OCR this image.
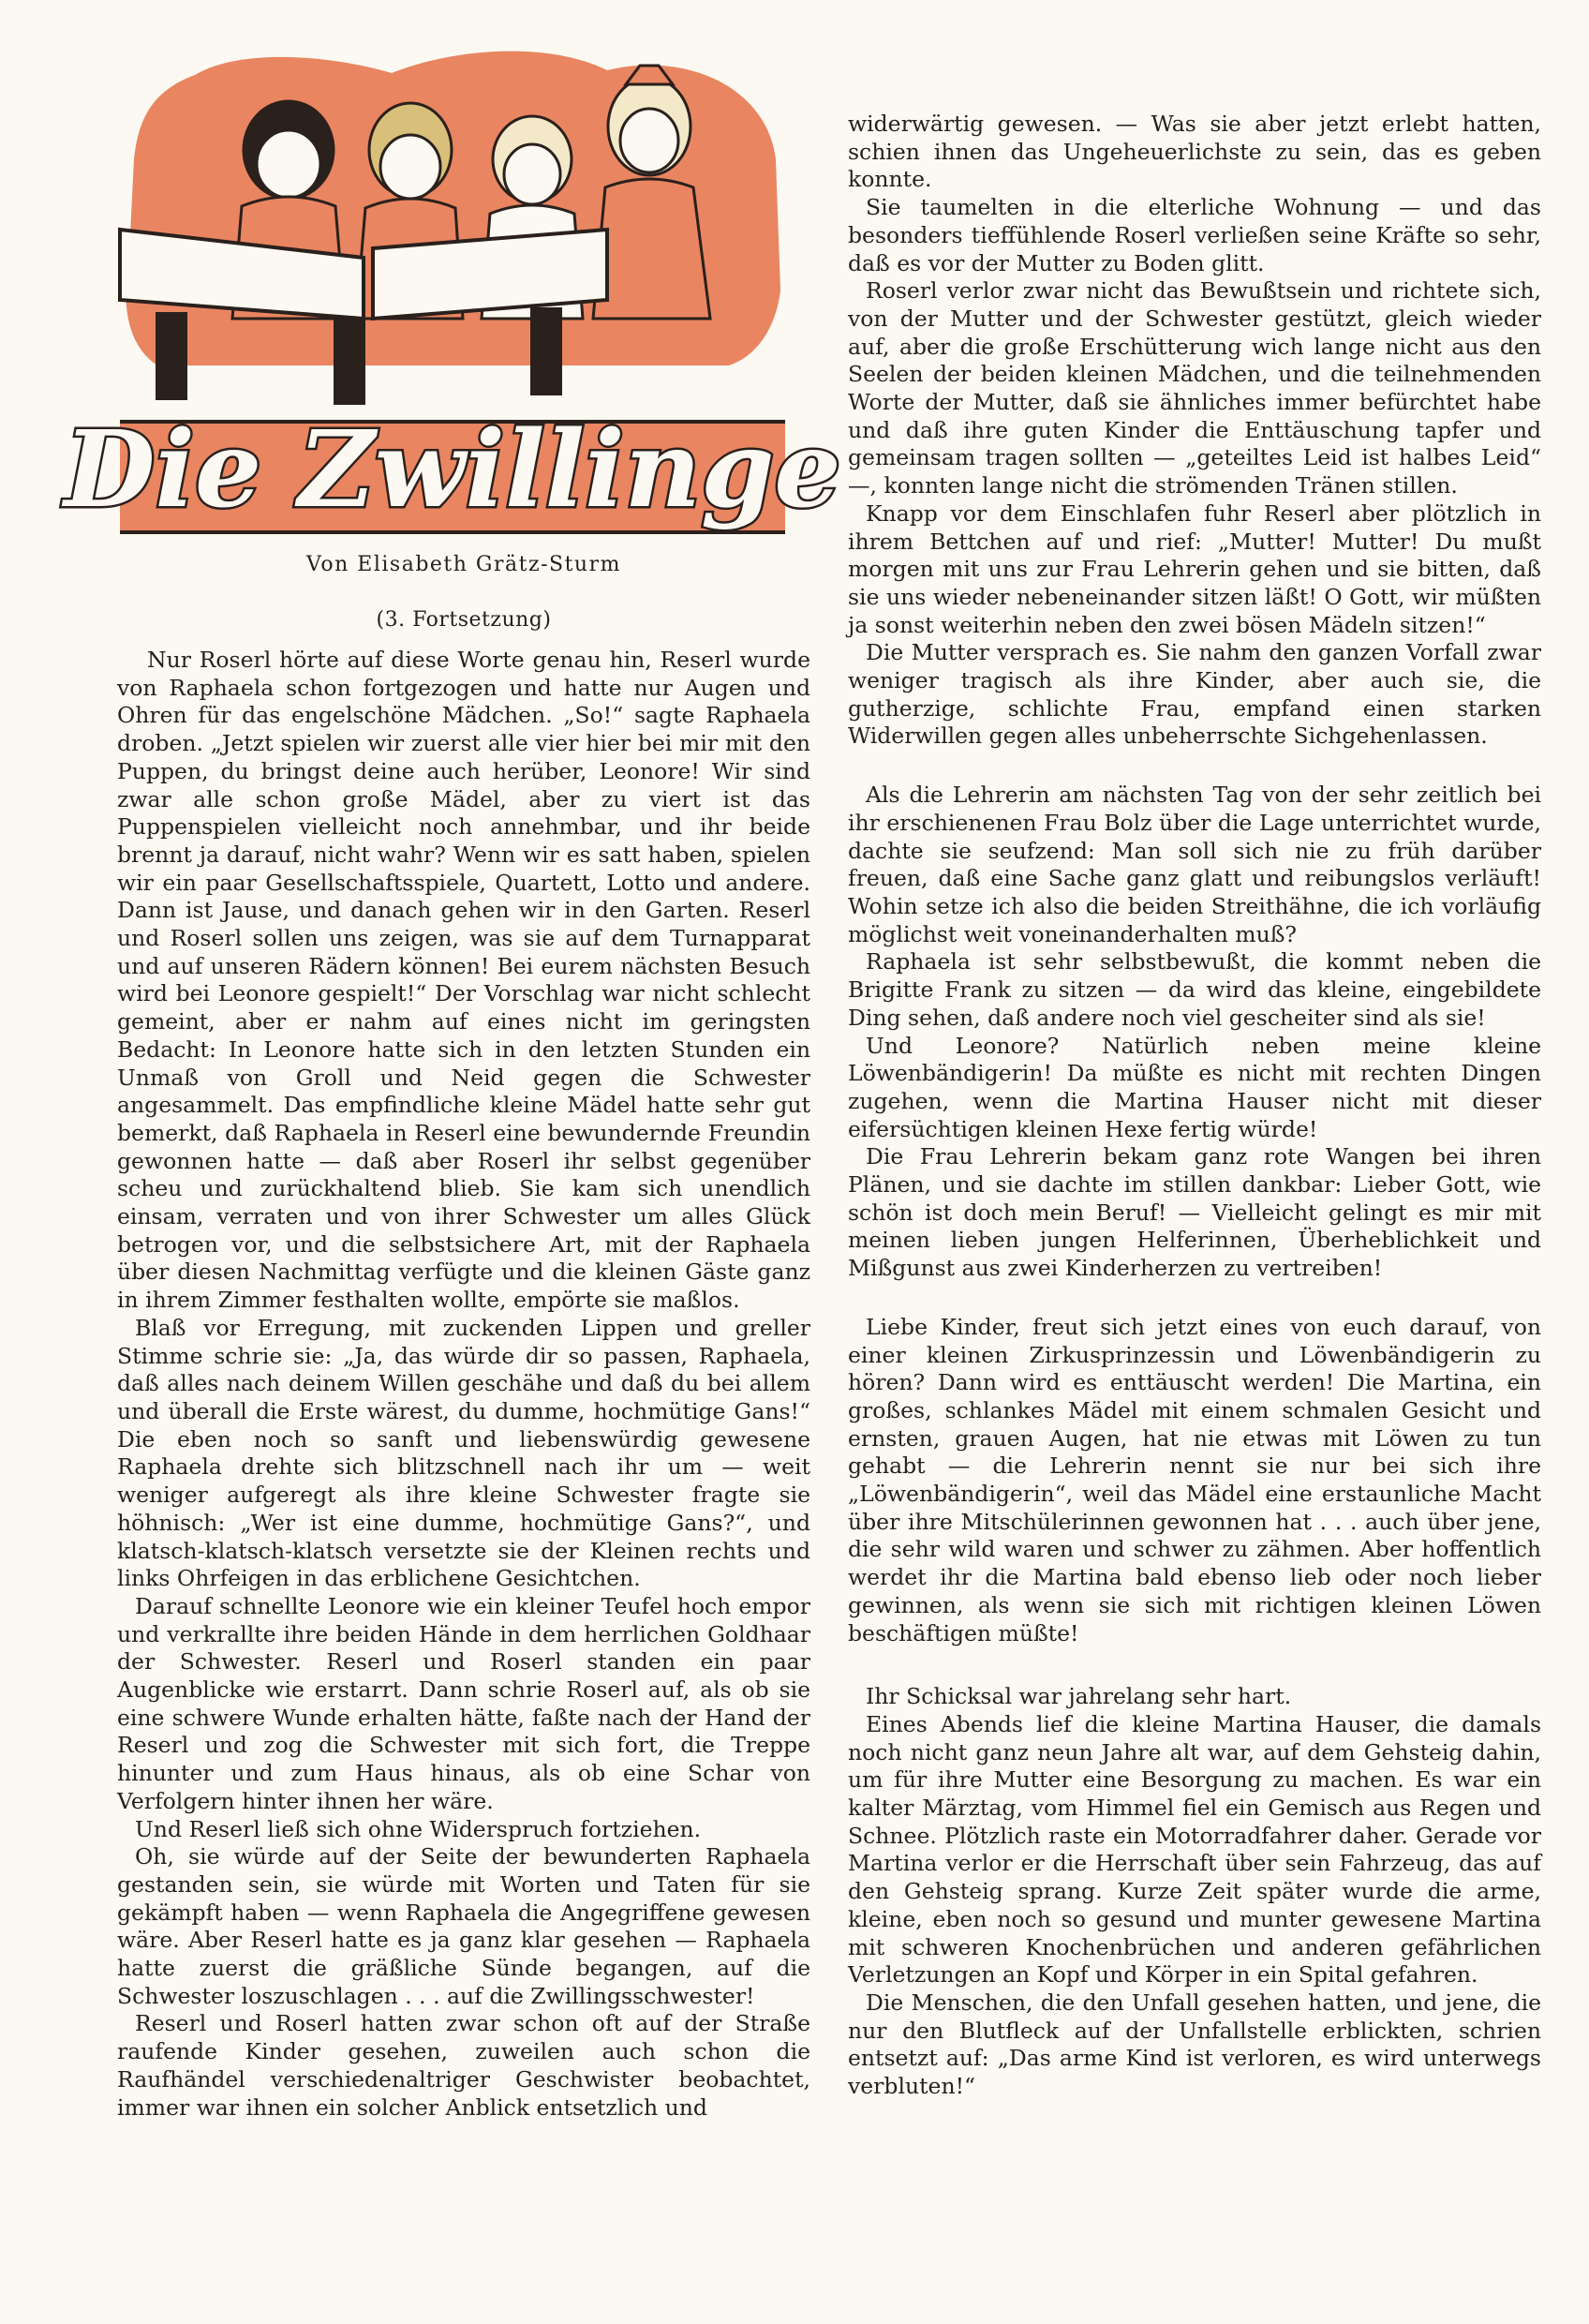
Die Zwillinge
Von Elisabeth Grätz-Sturm
(3. Fortsetzung)

Nur Roserl hörte auf diese Worte genau hin, Reserl wurde von Raphaela schon fortgezogen und hatte nur Augen und Ohren für das engelschöne Mädchen. „So!“ sagte Raphaela droben. „Jetzt spielen wir zuerst alle vier hier bei mir mit den Puppen, du bringst deine auch herüber, Leonore! Wir sind zwar alle schon große Mädel, aber zu viert ist das Puppenspielen vielleicht noch annehmbar, und ihr beide brennt ja darauf, nicht wahr? Wenn wir es satt haben, spielen wir ein paar Gesellschaftsspiele, Quartett, Lotto und andere. Dann ist Jause, und danach gehen wir in den Garten. Reserl und Roserl sollen uns zeigen, was sie auf dem Turnapparat und auf unseren Rädern können! Bei eurem nächsten Besuch wird bei Leonore gespielt!“ Der Vorschlag war nicht schlecht gemeint, aber er nahm auf eines nicht im geringsten Bedacht: In Leonore hatte sich in den letzten Stunden ein Unmaß von Groll und Neid gegen die Schwester angesammelt. Das empfindliche kleine Mädel hatte sehr gut bemerkt, daß Raphaela in Reserl eine bewundernde Freundin gewonnen hatte — daß aber Roserl ihr selbst gegenüber scheu und zurückhaltend blieb. Sie kam sich unendlich einsam, verraten und von ihrer Schwester um alles Glück betrogen vor, und die selbstsichere Art, mit der Raphaela über diesen Nachmittag verfügte und die kleinen Gäste ganz in ihrem Zimmer festhalten wollte, empörte sie maßlos.

Blaß vor Erregung, mit zuckenden Lippen und greller Stimme schrie sie: „Ja, das würde dir so passen, Raphaela, daß alles nach deinem Willen geschähe und daß du bei allem und überall die Erste wärest, du dumme, hochmütige Gans!“ Die eben noch so sanft und liebenswürdig gewesene Raphaela drehte sich blitzschnell nach ihr um — weit weniger aufgeregt als ihre kleine Schwester fragte sie höhnisch: „Wer ist eine dumme, hochmütige Gans?“, und klatsch-klatsch-klatsch versetzte sie der Kleinen rechts und links Ohrfeigen in das erblichene Gesichtchen.

Darauf schnellte Leonore wie ein kleiner Teufel hoch empor und verkrallte ihre beiden Hände in dem herrlichen Goldhaar der Schwester. Reserl und Roserl standen ein paar Augenblicke wie erstarrt. Dann schrie Roserl auf, als ob sie eine schwere Wunde erhalten hätte, faßte nach der Hand der Reserl und zog die Schwester mit sich fort, die Treppe hinunter und zum Haus hinaus, als ob eine Schar von Verfolgern hinter ihnen her wäre.

Und Reserl ließ sich ohne Widerspruch fortziehen.

Oh, sie würde auf der Seite der bewunderten Raphaela gestanden sein, sie würde mit Worten und Taten für sie gekämpft haben — wenn Raphaela die Angegriffene gewesen wäre. Aber Reserl hatte es ja ganz klar gesehen — Raphaela hatte zuerst die gräßliche Sünde begangen, auf die Schwester loszuschlagen . . . auf die Zwillingsschwester!

Reserl und Roserl hatten zwar schon oft auf der Straße raufende Kinder gesehen, zuweilen auch schon die Raufhändel verschiedenaltriger Geschwister beobachtet, immer war ihnen ein solcher Anblick entsetzlich und

widerwärtig gewesen. — Was sie aber jetzt erlebt hatten, schien ihnen das Ungeheuerlichste zu sein, das es geben konnte.

Sie taumelten in die elterliche Wohnung — und das besonders tieffühlende Roserl verließen seine Kräfte so sehr, daß es vor der Mutter zu Boden glitt.

Roserl verlor zwar nicht das Bewußtsein und richtete sich, von der Mutter und der Schwester gestützt, gleich wieder auf, aber die große Erschütterung wich lange nicht aus den Seelen der beiden kleinen Mädchen, und die teilnehmenden Worte der Mutter, daß sie ähnliches immer befürchtet habe und daß ihre guten Kinder die Enttäuschung tapfer und gemeinsam tragen sollten — „geteiltes Leid ist halbes Leid“ —, konnten lange nicht die strömenden Tränen stillen.

Knapp vor dem Einschlafen fuhr Reserl aber plötzlich in ihrem Bettchen auf und rief: „Mutter! Mutter! Du mußt morgen mit uns zur Frau Lehrerin gehen und sie bitten, daß sie uns wieder nebeneinander sitzen läßt! O Gott, wir müßten ja sonst weiterhin neben den zwei bösen Mädeln sitzen!“

Die Mutter versprach es. Sie nahm den ganzen Vorfall zwar weniger tragisch als ihre Kinder, aber auch sie, die gutherzige, schlichte Frau, empfand einen starken Widerwillen gegen alles unbeherrschte Sichgehenlassen.

Als die Lehrerin am nächsten Tag von der sehr zeitlich bei ihr erschienenen Frau Bolz über die Lage unterrichtet wurde, dachte sie seufzend: Man soll sich nie zu früh darüber freuen, daß eine Sache ganz glatt und reibungslos verläuft! Wohin setze ich also die beiden Streithähne, die ich vorläufig möglichst weit voneinanderhalten muß?

Raphaela ist sehr selbstbewußt, die kommt neben die Brigitte Frank zu sitzen — da wird das kleine, eingebildete Ding sehen, daß andere noch viel gescheiter sind als sie!

Und Leonore? Natürlich neben meine kleine Löwenbändigerin! Da müßte es nicht mit rechten Dingen zugehen, wenn die Martina Hauser nicht mit dieser eifersüchtigen kleinen Hexe fertig würde!

Die Frau Lehrerin bekam ganz rote Wangen bei ihren Plänen, und sie dachte im stillen dankbar: Lieber Gott, wie schön ist doch mein Beruf! — Vielleicht gelingt es mir mit meinen lieben jungen Helferinnen, Überheblichkeit und Mißgunst aus zwei Kinderherzen zu vertreiben!

Liebe Kinder, freut sich jetzt eines von euch darauf, von einer kleinen Zirkusprinzessin und Löwenbändigerin zu hören? Dann wird es enttäuscht werden! Die Martina, ein großes, schlankes Mädel mit einem schmalen Gesicht und ernsten, grauen Augen, hat nie etwas mit Löwen zu tun gehabt — die Lehrerin nennt sie nur bei sich ihre „Löwenbändigerin“, weil das Mädel eine erstaunliche Macht über ihre Mitschülerinnen gewonnen hat . . . auch über jene, die sehr wild waren und schwer zu zähmen. Aber hoffentlich werdet ihr die Martina bald ebenso lieb oder noch lieber gewinnen, als wenn sie sich mit richtigen kleinen Löwen beschäftigen müßte!

Ihr Schicksal war jahrelang sehr hart.

Eines Abends lief die kleine Martina Hauser, die damals noch nicht ganz neun Jahre alt war, auf dem Gehsteig dahin, um für ihre Mutter eine Besorgung zu machen. Es war ein kalter Märztag, vom Himmel fiel ein Gemisch aus Regen und Schnee. Plötzlich raste ein Motorradfahrer daher. Gerade vor Martina verlor er die Herrschaft über sein Fahrzeug, das auf den Gehsteig sprang. Kurze Zeit später wurde die arme, kleine, eben noch so gesund und munter gewesene Martina mit schweren Knochenbrüchen und anderen gefährlichen Verletzungen an Kopf und Körper in ein Spital gefahren.

Die Menschen, die den Unfall gesehen hatten, und jene, die nur den Blutfleck auf der Unfallstelle erblickten, schrien entsetzt auf: „Das arme Kind ist verloren, es wird unterwegs verbluten!“
